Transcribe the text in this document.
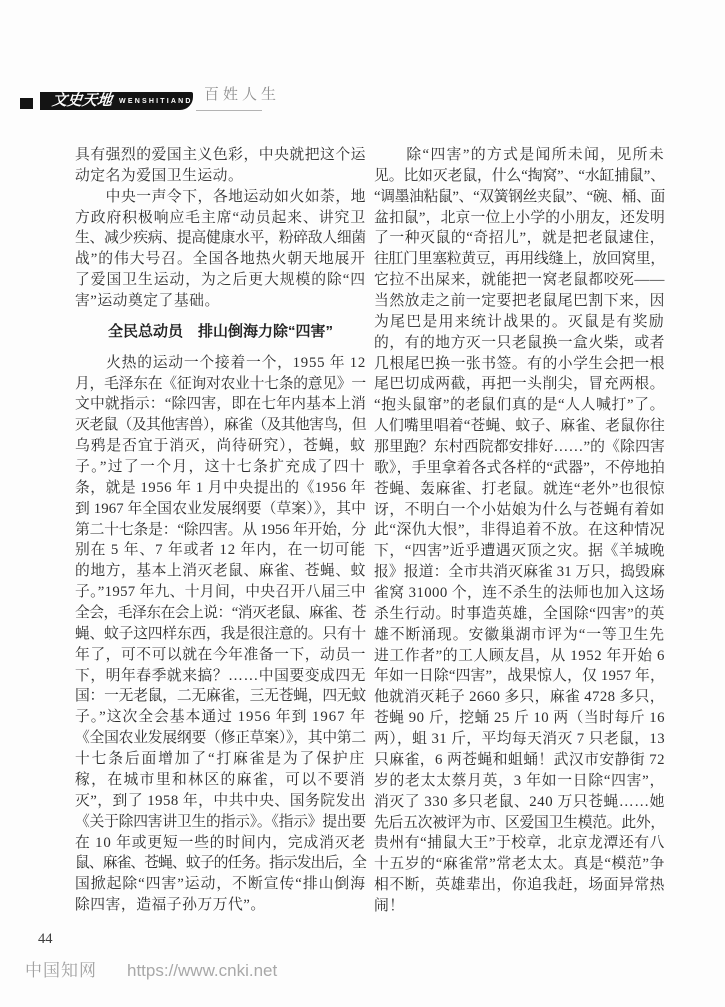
文史天地 WENSHITIANDI 百姓人生
具有强烈的爱国主义色彩，中央就把这个运
动定名为爱国卫生运动。
　　中央一声令下，各地运动如火如荼，地
方政府积极响应毛主席“动员起来、讲究卫
生、减少疾病、提高健康水平，粉碎敌人细菌
战”的伟大号召。全国各地热火朝天地展开
了爱国卫生运动，为之后更大规模的除“四
害”运动奠定了基础。
全民总动员　排山倒海力除“四害”
　　火热的运动一个接着一个，1955 年 12
月，毛泽东在《征询对农业十七条的意见》一
文中就指示：“除四害，即在七年内基本上消
灭老鼠（及其他害兽），麻雀（及其他害鸟，但
乌鸦是否宜于消灭，尚待研究），苍蝇，蚊
子。”过了一个月，这十七条扩充成了四十
条，就是 1956 年 1 月中央提出的《1956 年
到 1967 年全国农业发展纲要（草案）》，其中
第二十七条是：“除四害。从 1956 年开始，分
别在 5 年、7 年或者 12 年内，在一切可能
的地方，基本上消灭老鼠、麻雀、苍蝇、蚊
子。”1957 年九、十月间，中央召开八届三中
全会，毛泽东在会上说：“消灭老鼠、麻雀、苍
蝇、蚊子这四样东西，我是很注意的。只有十
年了，可不可以就在今年准备一下，动员一
下，明年春季就来搞？……中国要变成四无
国：一无老鼠，二无麻雀，三无苍蝇，四无蚊
子。”这次全会基本通过 1956 年到 1967 年
《全国农业发展纲要（修正草案）》，其中第二
十七条后面增加了“打麻雀是为了保护庄
稼，在城市里和林区的麻雀，可以不要消
灭”，到了 1958 年，中共中央、国务院发出
《关于除四害讲卫生的指示》。《指示》提出要
在 10 年或更短一些的时间内，完成消灭老
鼠、麻雀、苍蝇、蚊子的任务。指示发出后，全
国掀起除“四害”运动，不断宣传“排山倒海
除四害，造福子孙万万代”。
　　除“四害”的方式是闻所未闻，见所未
见。比如灭老鼠，什么“掏窝”、“水缸捕鼠”、
“调墨油粘鼠”、“双簧钢丝夹鼠”、“碗、桶、面
盆扣鼠”，北京一位上小学的小朋友，还发明
了一种灭鼠的“奇招儿”，就是把老鼠逮住，
往肛门里塞粒黄豆，再用线缝上，放回窝里，
它拉不出屎来，就能把一窝老鼠都咬死——
当然放走之前一定要把老鼠尾巴割下来，因
为尾巴是用来统计战果的。灭鼠是有奖励
的，有的地方灭一只老鼠换一盒火柴，或者
几根尾巴换一张书签。有的小学生会把一根
尾巴切成两截，再把一头削尖，冒充两根。
“抱头鼠窜”的老鼠们真的是“人人喊打”了。
人们嘴里唱着“苍蝇、蚊子、麻雀、老鼠你往
那里跑？东村西院都安排好……”的《除四害
歌》，手里拿着各式各样的“武器”，不停地拍
苍蝇、轰麻雀、打老鼠。就连“老外”也很惊
讶，不明白一个小姑娘为什么与苍蝇有着如
此“深仇大恨”，非得追着不放。在这种情况
下，“四害”近乎遭遇灭顶之灾。据《羊城晚
报》报道：全市共消灭麻雀 31 万只，捣毁麻
雀窝 31000 个，连不杀生的法师也加入这场
杀生行动。时事造英雄，全国除“四害”的英
雄不断涌现。安徽巢湖市评为“一等卫生先
进工作者”的工人顾友昌，从 1952 年开始 6
年如一日除“四害”，战果惊人，仅 1957 年，
他就消灭耗子 2660 多只，麻雀 4728 多只，
苍蝇 90 斤，挖蛹 25 斤 10 两（当时每斤 16
两），蛆 31 斤，平均每天消灭 7 只老鼠，13
只麻雀，6 两苍蝇和蛆蛹！武汉市安静街 72
岁的老太太蔡月英，3 年如一日除“四害”，
消灭了 330 多只老鼠、240 万只苍蝇……她
先后五次被评为市、区爱国卫生模范。此外，
贵州有“捕鼠大王”于校章，北京龙潭还有八
十五岁的“麻雀常”常老太太。真是“模范”争
相不断，英雄辈出，你追我赶，场面异常热
闹！
44
中国知网 https://www.cnki.net
